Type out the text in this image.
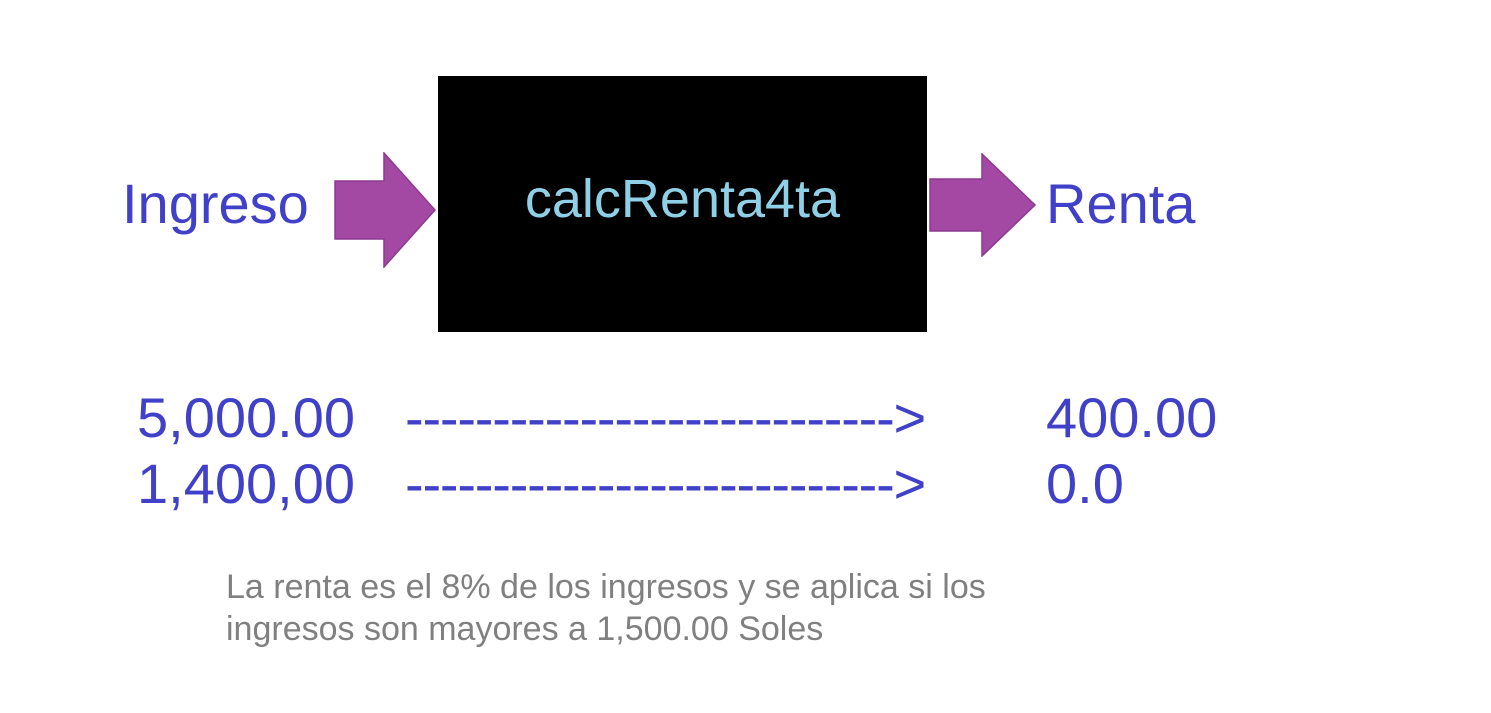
Ingreso	calcRenta4ta	Renta
5,000.00 ----------------------------> 400.00
1,400,00 ----------------------------> 0.0
La renta es el 8% de los ingresos y se aplica si los
ingresos son mayores a 1,500.00 Soles
